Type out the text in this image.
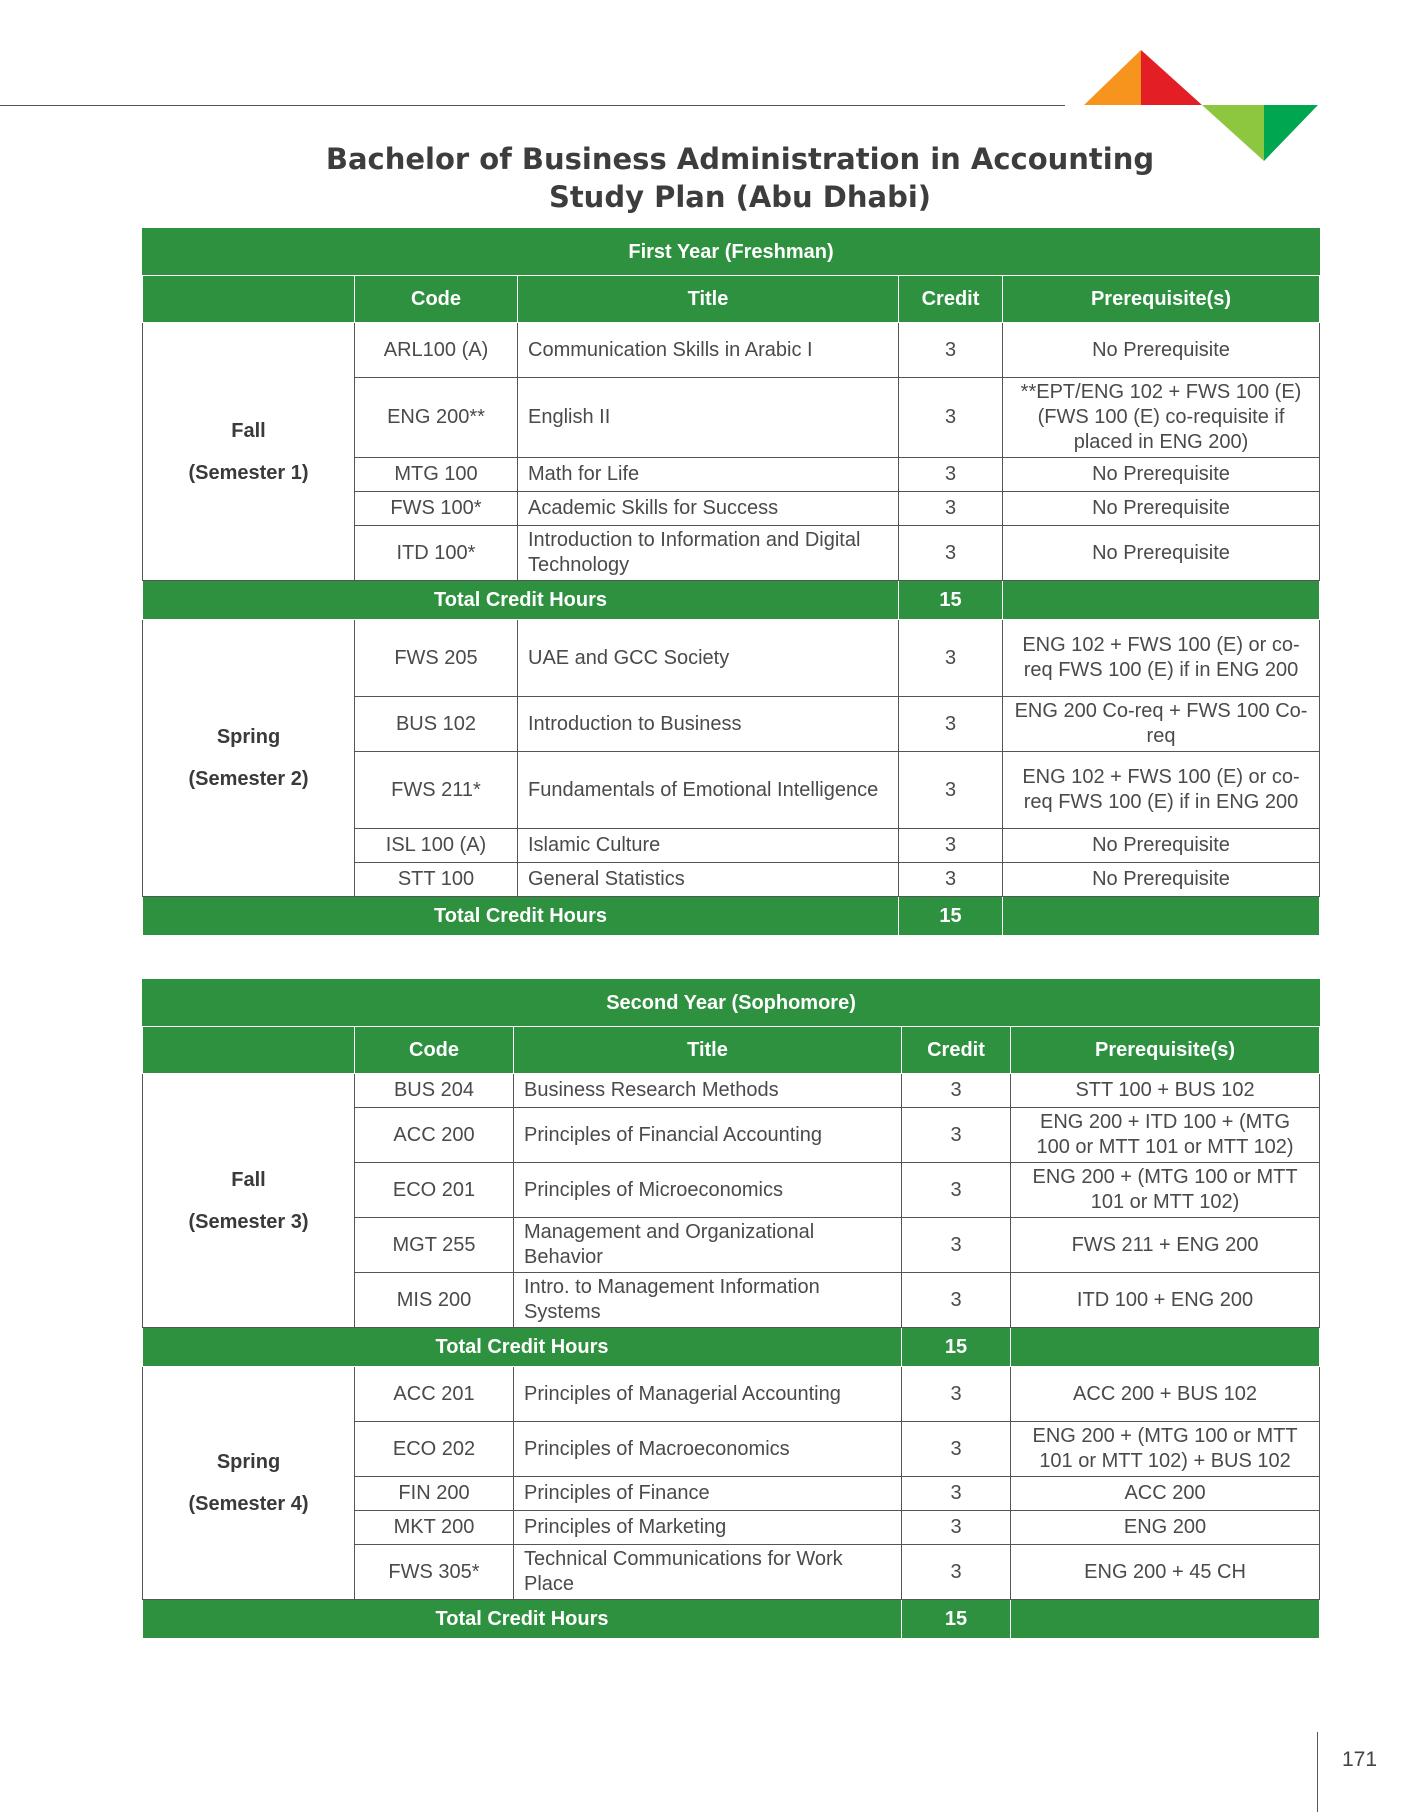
Bachelor of Business Administration in Accounting
Study Plan (Abu Dhabi)
First Year (Freshman)				
	Code	Title	Credit	Prerequisite(s)

Fall
(Semester 1)	ARL100 (A)	Communication Skills in Arabic I	3	No Prerequisite
	ENG 200**	English II	3	**EPT/ENG 102 + FWS 100 (E) (FWS 100 (E) co-requisite if placed in ENG 200)
	MTG 100	Math for Life	3	No Prerequisite
	FWS 100*	Academic Skills for Success	3	No Prerequisite
	ITD 100*	Introduction to Information and Digital Technology	3	No Prerequisite
Total Credit Hours			15	

Spring
(Semester 2)	FWS 205	UAE and GCC Society	3	ENG 102 + FWS 100 (E) or co-req FWS 100 (E) if in ENG 200
	BUS 102	Introduction to Business	3	ENG 200 Co-req + FWS 100 Co-req
	FWS 211*	Fundamentals of Emotional Intelligence	3	ENG 102 + FWS 100 (E) or co-req FWS 100 (E) if in ENG 200
	ISL 100 (A)	Islamic Culture	3	No Prerequisite
	STT 100	General Statistics	3	No Prerequisite
Total Credit Hours			15	
Second Year (Sophomore)				
	Code	Title	Credit	Prerequisite(s)

Fall
(Semester 3)	BUS 204	Business Research Methods	3	STT 100 + BUS 102
	ACC 200	Principles of Financial Accounting	3	ENG 200 + ITD 100 + (MTG 100 or MTT 101 or MTT 102)
	ECO 201	Principles of Microeconomics	3	ENG 200 + (MTG 100 or MTT 101 or MTT 102)
	MGT 255	Management and Organizational Behavior	3	FWS 211 + ENG 200
	MIS 200	Intro. to Management Information Systems	3	ITD 100 + ENG 200
Total Credit Hours			15	

Spring
(Semester 4)	ACC 201	Principles of Managerial Accounting	3	ACC 200 + BUS 102
	ECO 202	Principles of Macroeconomics	3	ENG 200 + (MTG 100 or MTT 101 or MTT 102) + BUS 102
	FIN 200	Principles of Finance	3	ACC 200
	MKT 200	Principles of Marketing	3	ENG 200
	FWS 305*	Technical Communications for Work Place	3	ENG 200 + 45 CH
Total Credit Hours			15	
171
